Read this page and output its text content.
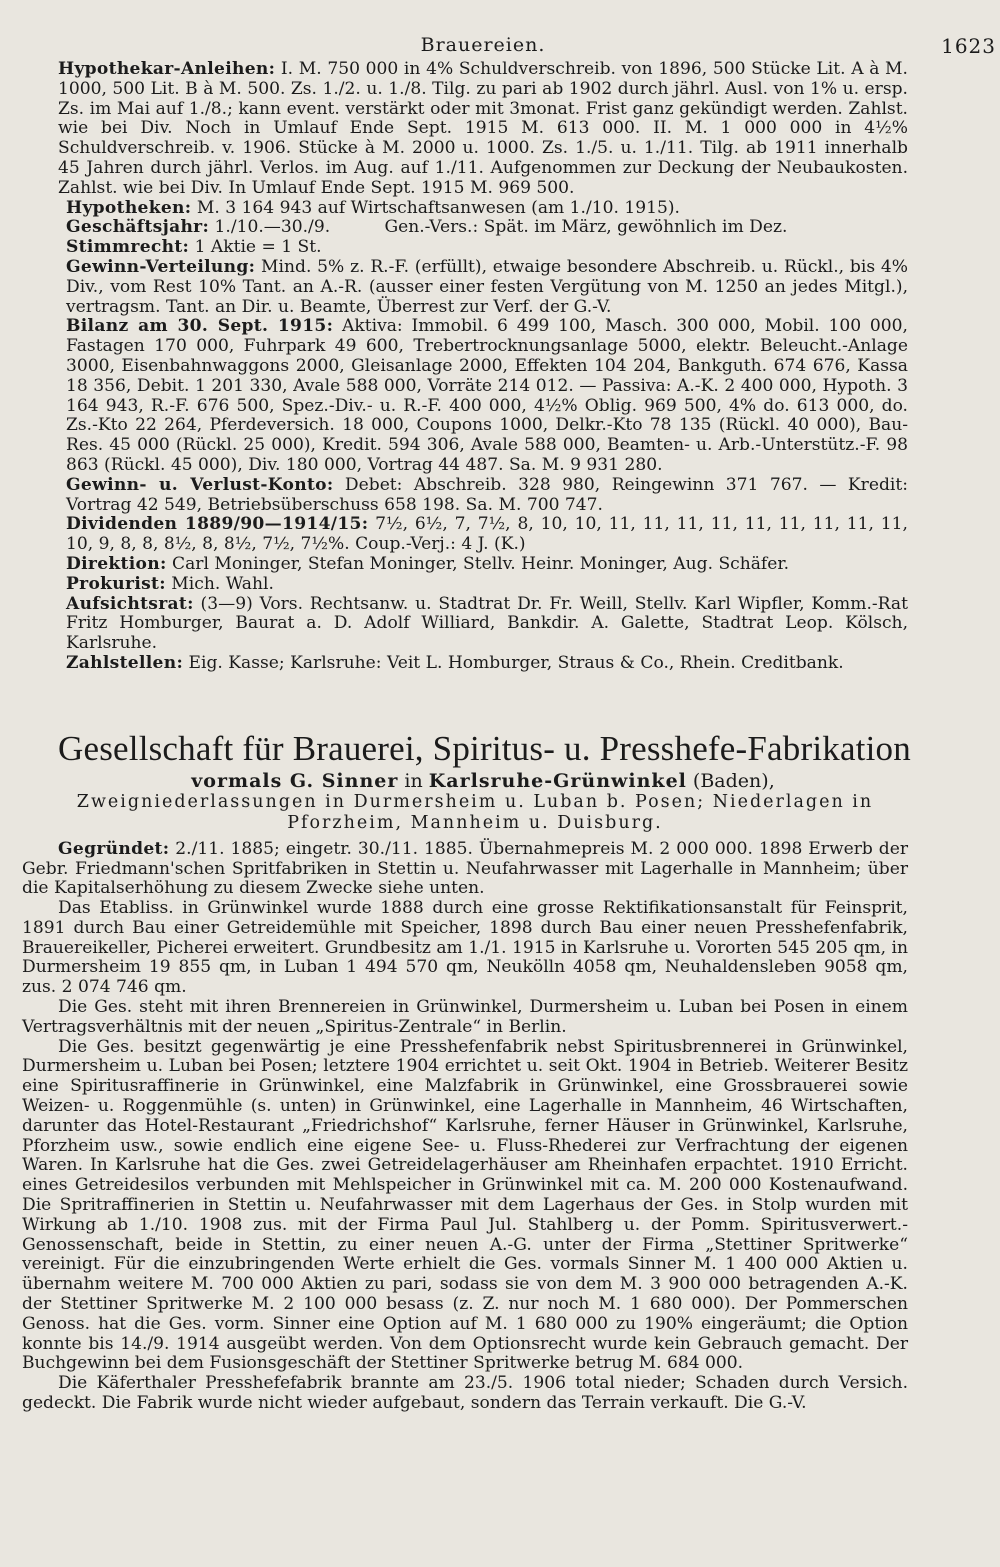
Brauereien.	1623

Hypothekar-Anleihen: I. M. 750 000 in 4% Schuldverschreib. von 1896, 500 Stücke Lit. A à M. 1000, 500 Lit. B à M. 500. Zs. 1./2. u. 1./8. Tilg. zu pari ab 1902 durch jährl. Ausl. von 1% u. ersp. Zs. im Mai auf 1./8.; kann event. verstärkt oder mit 3monat. Frist ganz gekündigt werden. Zahlst. wie bei Div. Noch in Umlauf Ende Sept. 1915 M. 613 000. II. M. 1 000 000 in 4½% Schuldverschreib. v. 1906. Stücke à M. 2000 u. 1000. Zs. 1./5. u. 1./11. Tilg. ab 1911 innerhalb 45 Jahren durch jährl. Verlos. im Aug. auf 1./11. Aufgenommen zur Deckung der Neubaukosten. Zahlst. wie bei Div. In Umlauf Ende Sept. 1915 M. 969 500.

Hypotheken: M. 3 164 943 auf Wirtschaftsanwesen (am 1./10. 1915).

Geschäftsjahr: 1./10.—30./9.          Gen.-Vers.: Spät. im März, gewöhnlich im Dez.

Stimmrecht: 1 Aktie = 1 St.

Gewinn-Verteilung: Mind. 5% z. R.-F. (erfüllt), etwaige besondere Abschreib. u. Rückl., bis 4% Div., vom Rest 10% Tant. an A.-R. (ausser einer festen Vergütung von M. 1250 an jedes Mitgl.), vertragsm. Tant. an Dir. u. Beamte, Überrest zur Verf. der G.-V.

Bilanz am 30. Sept. 1915: Aktiva: Immobil. 6 499 100, Masch. 300 000, Mobil. 100 000, Fastagen 170 000, Fuhrpark 49 600, Trebertrocknungsanlage 5000, elektr. Beleucht.-Anlage 3000, Eisenbahnwaggons 2000, Gleisanlage 2000, Effekten 104 204, Bankguth. 674 676, Kassa 18 356, Debit. 1 201 330, Avale 588 000, Vorräte 214 012. — Passiva: A.-K. 2 400 000, Hypoth. 3 164 943, R.-F. 676 500, Spez.-Div.- u. R.-F. 400 000, 4½% Oblig. 969 500, 4% do. 613 000, do. Zs.-Kto 22 264, Pferdeversich. 18 000, Coupons 1000, Delkr.-Kto 78 135 (Rückl. 40 000), Bau-Res. 45 000 (Rückl. 25 000), Kredit. 594 306, Avale 588 000, Beamten- u. Arb.-Unterstütz.-F. 98 863 (Rückl. 45 000), Div. 180 000, Vortrag 44 487. Sa. M. 9 931 280.

Gewinn- u. Verlust-Konto: Debet: Abschreib. 328 980, Reingewinn 371 767. — Kredit: Vortrag 42 549, Betriebsüberschuss 658 198. Sa. M. 700 747.

Dividenden 1889/90—1914/15: 7½, 6½, 7, 7½, 8, 10, 10, 11, 11, 11, 11, 11, 11, 11, 11, 11, 10, 9, 8, 8, 8½, 8, 8½, 7½, 7½%. Coup.-Verj.: 4 J. (K.)

Direktion: Carl Moninger, Stefan Moninger, Stellv. Heinr. Moninger, Aug. Schäfer.

Prokurist: Mich. Wahl.

Aufsichtsrat: (3—9) Vors. Rechtsanw. u. Stadtrat Dr. Fr. Weill, Stellv. Karl Wipfler, Komm.-Rat Fritz Homburger, Baurat a. D. Adolf Williard, Bankdir. A. Galette, Stadtrat Leop. Kölsch, Karlsruhe.

Zahlstellen: Eig. Kasse; Karlsruhe: Veit L. Homburger, Straus & Co., Rhein. Creditbank.

Gesellschaft für Brauerei, Spiritus- u. Presshefe-Fabrikation
vormals G. Sinner in Karlsruhe-Grünwinkel (Baden),
Zweigniederlassungen in Durmersheim u. Luban b. Posen; Niederlagen in Pforzheim, Mannheim u. Duisburg.

Gegründet: 2./11. 1885; eingetr. 30./11. 1885. Übernahmepreis M. 2 000 000. 1898 Erwerb der Gebr. Friedmann'schen Spritfabriken in Stettin u. Neufahrwasser mit Lagerhalle in Mannheim; über die Kapitalserhöhung zu diesem Zwecke siehe unten.

Das Etabliss. in Grünwinkel wurde 1888 durch eine grosse Rektifikationsanstalt für Feinsprit, 1891 durch Bau einer Getreidemühle mit Speicher, 1898 durch Bau einer neuen Presshefenfabrik, Brauereikeller, Picherei erweitert. Grundbesitz am 1./1. 1915 in Karlsruhe u. Vororten 545 205 qm, in Durmersheim 19 855 qm, in Luban 1 494 570 qm, Neukölln 4058 qm, Neuhaldensleben 9058 qm, zus. 2 074 746 qm.

Die Ges. steht mit ihren Brennereien in Grünwinkel, Durmersheim u. Luban bei Posen in einem Vertragsverhältnis mit der neuen „Spiritus-Zentrale“ in Berlin.

Die Ges. besitzt gegenwärtig je eine Presshefenfabrik nebst Spiritusbrennerei in Grünwinkel, Durmersheim u. Luban bei Posen; letztere 1904 errichtet u. seit Okt. 1904 in Betrieb. Weiterer Besitz eine Spiritusraffinerie in Grünwinkel, eine Malzfabrik in Grünwinkel, eine Grossbrauerei sowie Weizen- u. Roggenmühle (s. unten) in Grünwinkel, eine Lagerhalle in Mannheim, 46 Wirtschaften, darunter das Hotel-Restaurant „Friedrichshof“ Karlsruhe, ferner Häuser in Grünwinkel, Karlsruhe, Pforzheim usw., sowie endlich eine eigene See- u. Fluss-Rhederei zur Verfrachtung der eigenen Waren. In Karlsruhe hat die Ges. zwei Getreidelagerhäuser am Rheinhafen erpachtet. 1910 Erricht. eines Getreidesilos verbunden mit Mehlspeicher in Grünwinkel mit ca. M. 200 000 Kostenaufwand. Die Spritraffinerien in Stettin u. Neufahrwasser mit dem Lagerhaus der Ges. in Stolp wurden mit Wirkung ab 1./10. 1908 zus. mit der Firma Paul Jul. Stahlberg u. der Pomm. Spiritusverwert.-Genossenschaft, beide in Stettin, zu einer neuen A.-G. unter der Firma „Stettiner Spritwerke“ vereinigt. Für die einzubringenden Werte erhielt die Ges. vormals Sinner M. 1 400 000 Aktien u. übernahm weitere M. 700 000 Aktien zu pari, sodass sie von dem M. 3 900 000 betragenden A.-K. der Stettiner Spritwerke M. 2 100 000 besass (z. Z. nur noch M. 1 680 000). Der Pommerschen Genoss. hat die Ges. vorm. Sinner eine Option auf M. 1 680 000 zu 190% eingeräumt; die Option konnte bis 14./9. 1914 ausgeübt werden. Von dem Optionsrecht wurde kein Gebrauch gemacht. Der Buchgewinn bei dem Fusionsgeschäft der Stettiner Spritwerke betrug M. 684 000.

Die Käferthaler Presshefefabrik brannte am 23./5. 1906 total nieder; Schaden durch Versich. gedeckt. Die Fabrik wurde nicht wieder aufgebaut, sondern das Terrain verkauft. Die G.-V.
